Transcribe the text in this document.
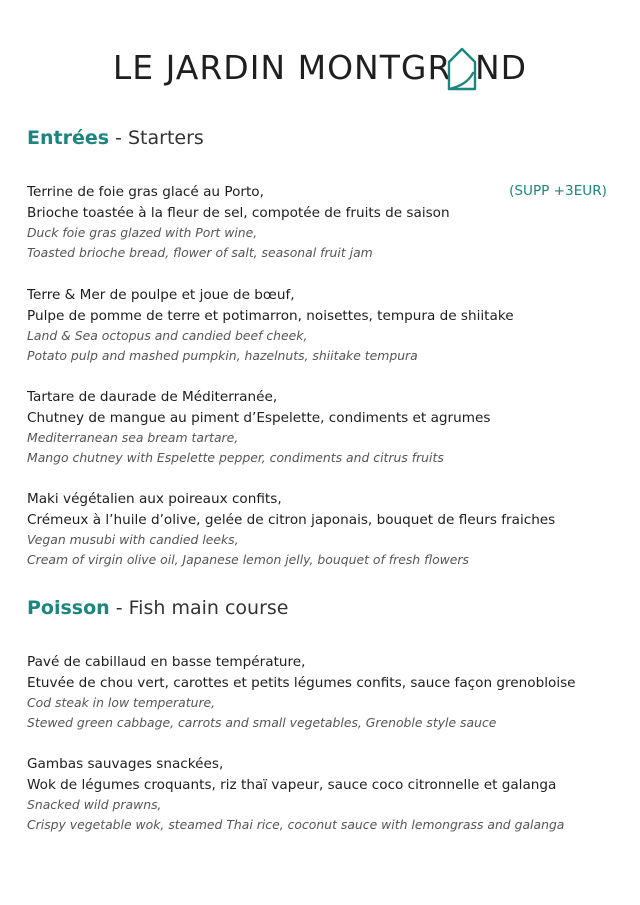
LE JARDIN MONTGR ND
Entrées - Starters
(SUPP +3EUR)
Terrine de foie gras glacé au Porto,
Brioche toastée à la fleur de sel, compotée de fruits de saison
Duck foie gras glazed with Port wine,
Toasted brioche bread, flower of salt, seasonal fruit jam
Terre & Mer de poulpe et joue de bœuf,
Pulpe de pomme de terre et potimarron, noisettes, tempura de shiitake
Land & Sea octopus and candied beef cheek,
Potato pulp and mashed pumpkin, hazelnuts, shiitake tempura
Tartare de daurade de Méditerranée,
Chutney de mangue au piment d’Espelette, condiments et agrumes
Mediterranean sea bream tartare,
Mango chutney with Espelette pepper, condiments and citrus fruits
Maki végétalien aux poireaux confits,
Crémeux à l’huile d’olive, gelée de citron japonais, bouquet de fleurs fraiches
Vegan musubi with candied leeks,
Cream of virgin olive oil, Japanese lemon jelly, bouquet of fresh flowers
Poisson - Fish main course
Pavé de cabillaud en basse température,
Etuvée de chou vert, carottes et petits légumes confits, sauce façon grenobloise
Cod steak in low temperature,
Stewed green cabbage, carrots and small vegetables, Grenoble style sauce
Gambas sauvages snackées,
Wok de légumes croquants, riz thaï vapeur, sauce coco citronnelle et galanga
Snacked wild prawns,
Crispy vegetable wok, steamed Thai rice, coconut sauce with lemongrass and galanga
